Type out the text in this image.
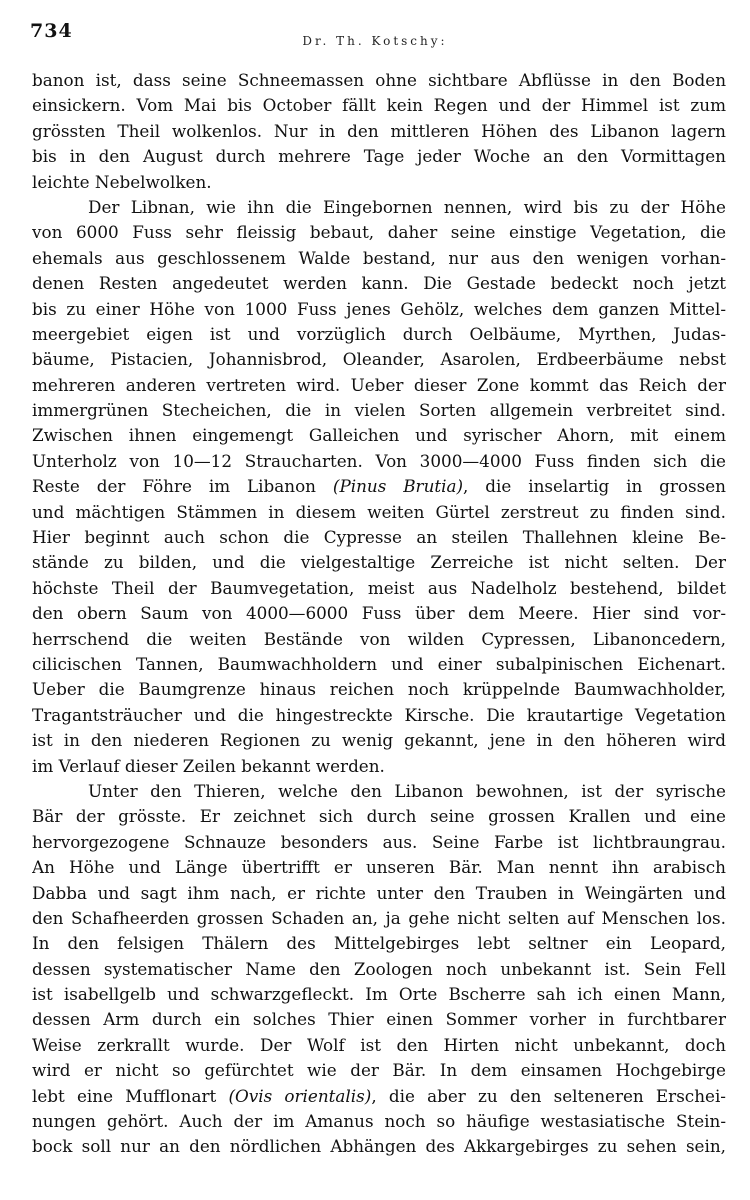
734	Dr. Th. Kotschy:
banon ist, dass seine Schneemassen ohne sichtbare Abflüsse in den Boden
einsickern. Vom Mai bis October fällt kein Regen und der Himmel ist zum
grössten Theil wolkenlos. Nur in den mittleren Höhen des Libanon lagern
bis in den August durch mehrere Tage jeder Woche an den Vormittagen
leichte Nebelwolken.
Der Libnan, wie ihn die Eingebornen nennen, wird bis zu der Höhe
von 6000 Fuss sehr fleissig bebaut, daher seine einstige Vegetation, die
ehemals aus geschlossenem Walde bestand, nur aus den wenigen vorhan-
denen Resten angedeutet werden kann. Die Gestade bedeckt noch jetzt
bis zu einer Höhe von 1000 Fuss jenes Gehölz, welches dem ganzen Mittel-
meergebiet eigen ist und vorzüglich durch Oelbäume, Myrthen, Judas-
bäume, Pistacien, Johannisbrod, Oleander, Asarolen, Erdbeerbäume nebst
mehreren anderen vertreten wird. Ueber dieser Zone kommt das Reich der
immergrünen Stecheichen, die in vielen Sorten allgemein verbreitet sind.
Zwischen ihnen eingemengt Galleichen und syrischer Ahorn, mit einem
Unterholz von 10—12 Straucharten. Von 3000—4000 Fuss finden sich die
Reste der Föhre im Libanon (Pinus Brutia), die inselartig in grossen
und mächtigen Stämmen in diesem weiten Gürtel zerstreut zu finden sind.
Hier beginnt auch schon die Cypresse an steilen Thallehnen kleine Be-
stände zu bilden, und die vielgestaltige Zerreiche ist nicht selten. Der
höchste Theil der Baumvegetation, meist aus Nadelholz bestehend, bildet
den obern Saum von 4000—6000 Fuss über dem Meere. Hier sind vor-
herrschend die weiten Bestände von wilden Cypressen, Libanoncedern,
cilicischen Tannen, Baumwachholdern und einer subalpinischen Eichenart.
Ueber die Baumgrenze hinaus reichen noch krüppelnde Baumwachholder,
Tragantsträucher und die hingestreckte Kirsche. Die krautartige Vegetation
ist in den niederen Regionen zu wenig gekannt, jene in den höheren wird
im Verlauf dieser Zeilen bekannt werden.
Unter den Thieren, welche den Libanon bewohnen, ist der syrische
Bär der grösste. Er zeichnet sich durch seine grossen Krallen und eine
hervorgezogene Schnauze besonders aus. Seine Farbe ist lichtbraungrau.
An Höhe und Länge übertrifft er unseren Bär. Man nennt ihn arabisch
Dabba und sagt ihm nach, er richte unter den Trauben in Weingärten und
den Schafheerden grossen Schaden an, ja gehe nicht selten auf Menschen los.
In den felsigen Thälern des Mittelgebirges lebt seltner ein Leopard,
dessen systematischer Name den Zoologen noch unbekannt ist. Sein Fell
ist isabellgelb und schwarzgefleckt. Im Orte Bscherre sah ich einen Mann,
dessen Arm durch ein solches Thier einen Sommer vorher in furchtbarer
Weise zerkrallt wurde. Der Wolf ist den Hirten nicht unbekannt, doch
wird er nicht so gefürchtet wie der Bär. In dem einsamen Hochgebirge
lebt eine Mufflonart (Ovis orientalis), die aber zu den selteneren Erschei-
nungen gehört. Auch der im Amanus noch so häufige westasiatische Stein-
bock soll nur an den nördlichen Abhängen des Akkargebirges zu sehen sein,
